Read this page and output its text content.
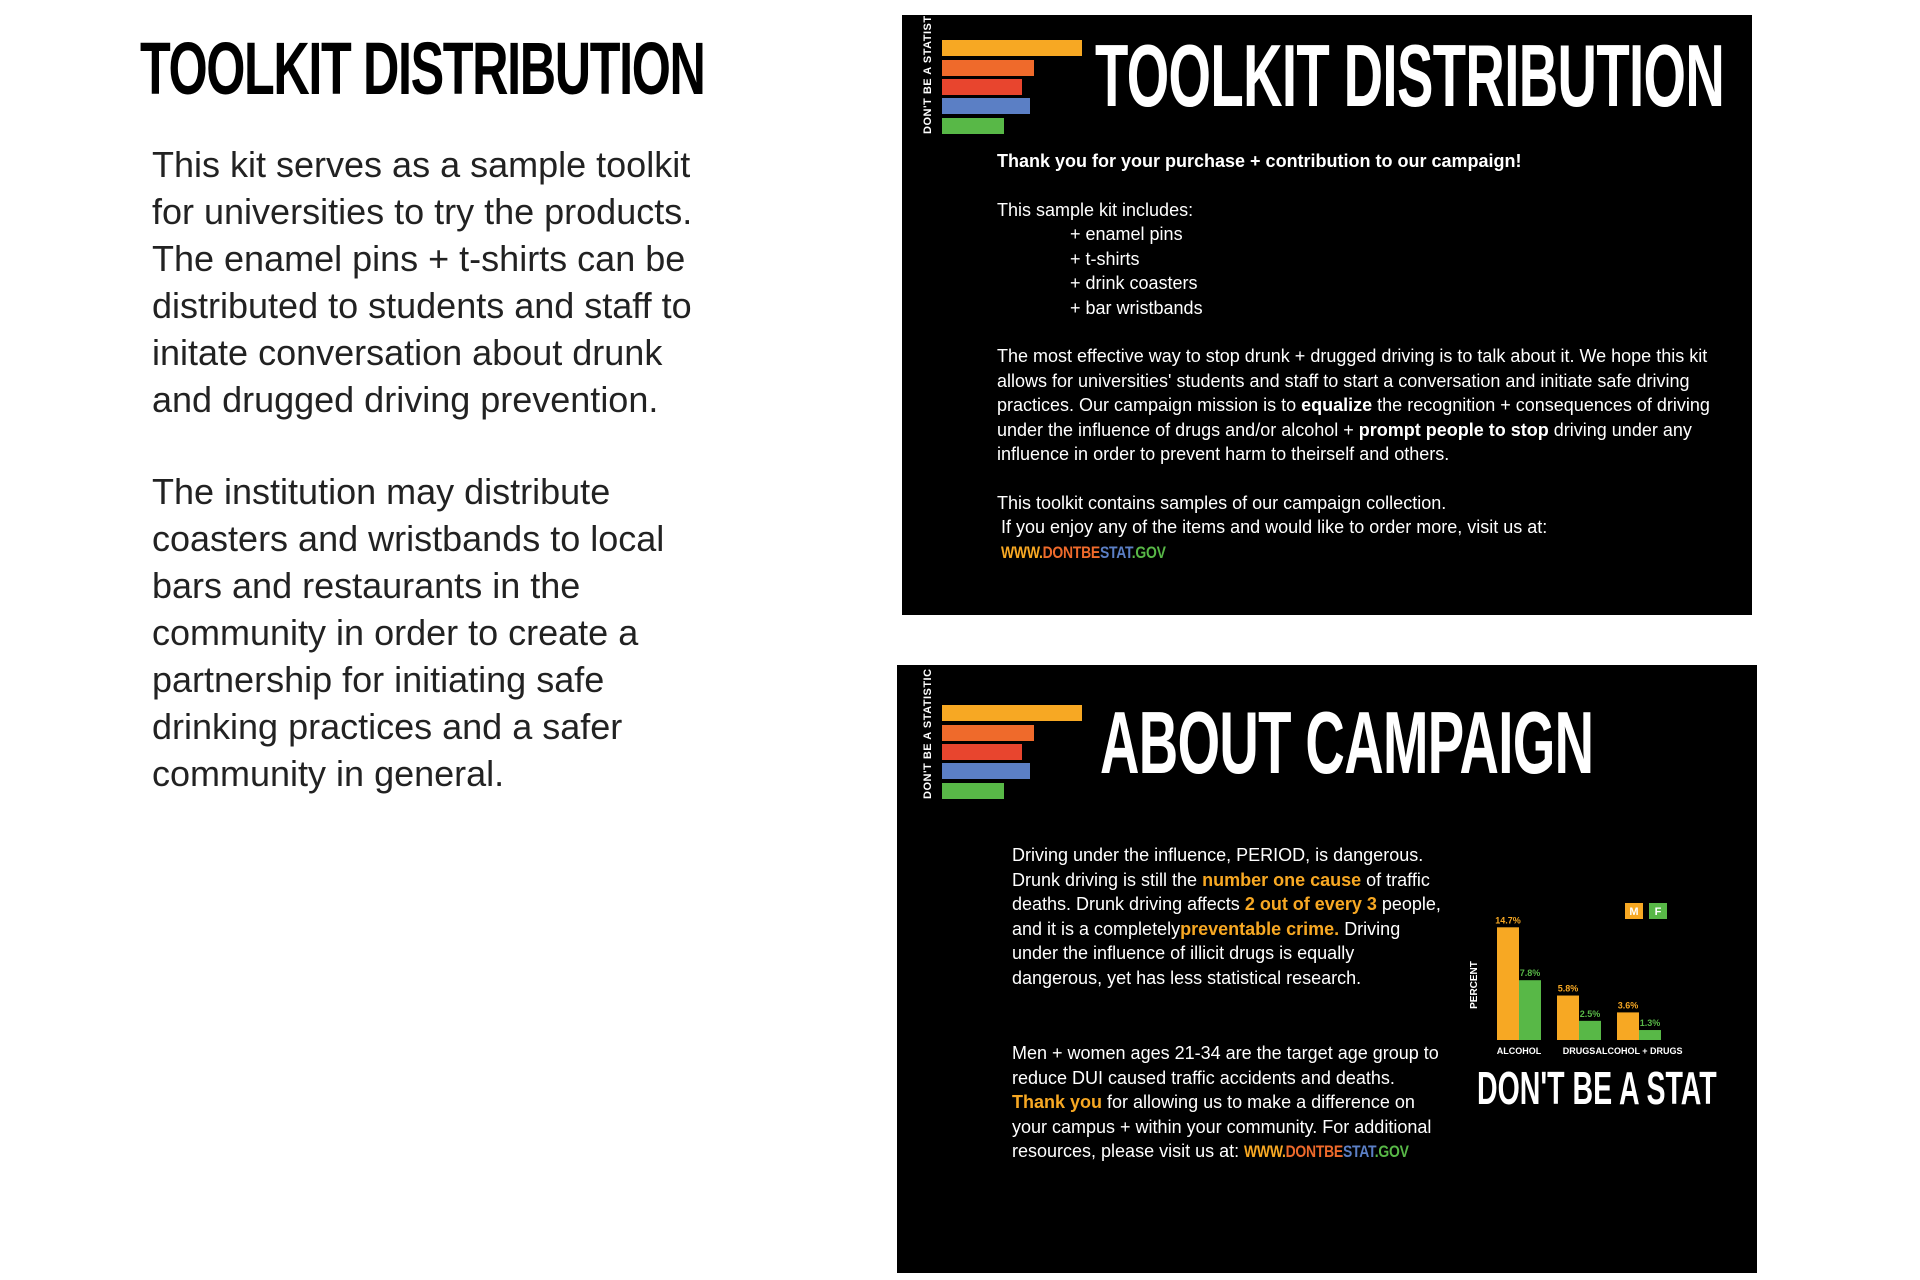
TOOLKIT DISTRIBUTION

This kit serves as a sample toolkit for universities to try the products. The enamel pins + t-shirts can be distributed to students and staff to initate conversation about drunk and drugged driving prevention.

The institution may distribute coasters and wristbands to local bars and restaurants in the community in order to create a partnership for initiating safe drinking practices and a safer community in general.

DON'T BE A STATISTIC TOOLKIT DISTRIBUTION

Thank you for your purchase + contribution to our campaign!

This sample kit includes:

+ enamel pins

+ t-shirts

+ drink coasters

+ bar wristbands

The most effective way to stop drunk + drugged driving is to talk about it. We hope this kit allows for universities' students and staff to start a conversation and initiate safe driving practices. Our campaign mission is to equalize the recognition + consequences of driving under the influence of drugs and/or alcohol + prompt people to stop driving under any influence in order to prevent harm to theirself and others.

This toolkit contains samples of our campaign collection.

If you enjoy any of the items and would like to order more, visit us at: WWW.DONTBESTAT.GOV

DON'T BE A STATISTIC ABOUT CAMPAIGN

Driving under the influence, PERIOD, is dangerous. Drunk driving is still the number one cause of traffic deaths. Drunk driving affects 2 out of every 3 people, and it is a completelypreventable crime. Driving under the influence of illicit drugs is equally dangerous, yet has less statistical research.

Men + women ages 21-34 are the target age group to reduce DUI caused traffic accidents and deaths. Thank you for allowing us to make a difference on your campus + within your community. For additional resources, please visit us at: WWW.DONTBESTAT.GOV

PERCENT
14.7%
7.8%
ALCOHOL
5.8%
2.5%
DRUGS
3.6%
1.3%
ALCOHOL + DRUGS
M F
DON'T BE A STAT
